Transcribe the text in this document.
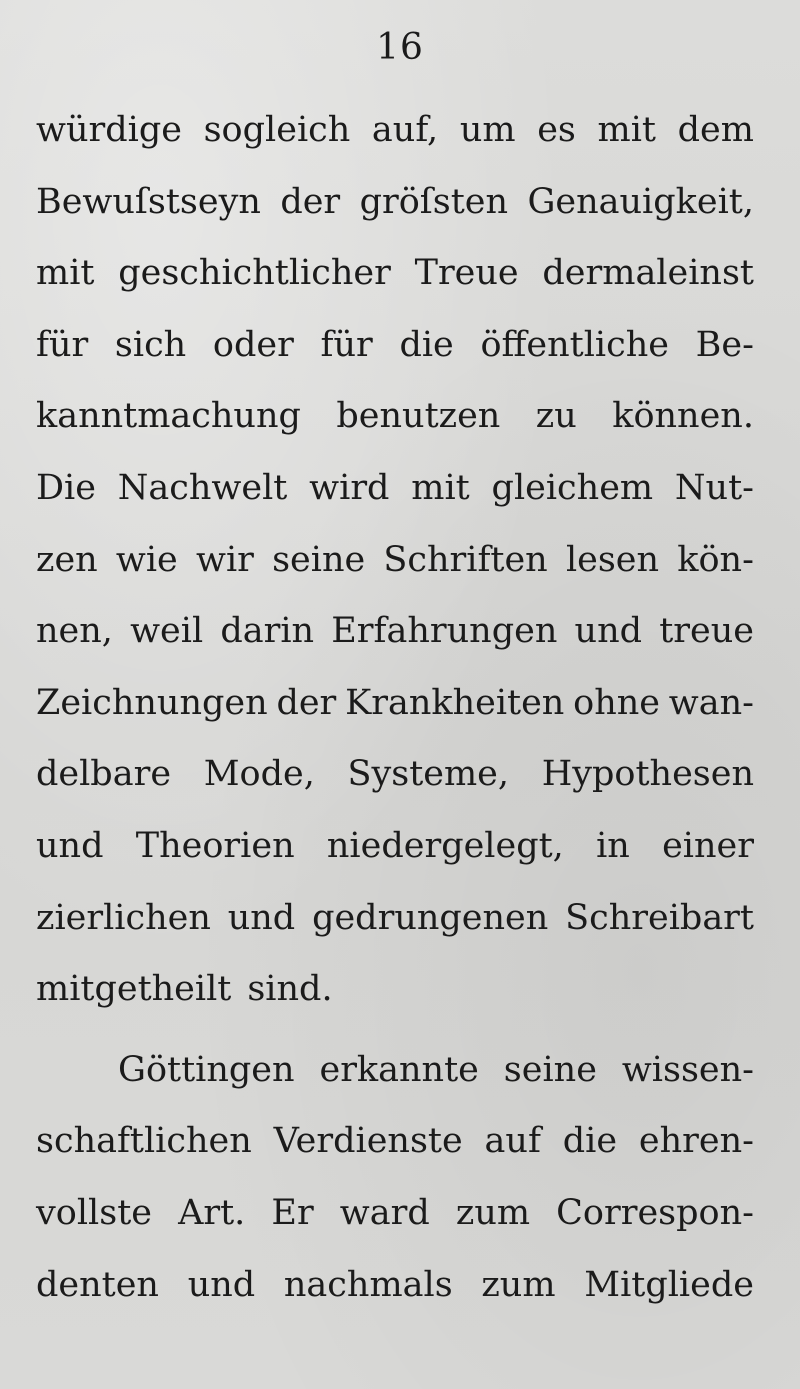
16
würdige sogleich auf, um es mit dem
Bewuſstseyn der gröſsten Genauigkeit,
mit geschichtlicher Treue dermaleinst
für sich oder für die öffentliche Be-
kanntmachung benutzen zu können.
Die Nachwelt wird mit gleichem Nut-
zen wie wir seine Schriften lesen kön-
nen, weil darin Erfahrungen und treue
Zeichnungen der Krankheiten ohne wan-
delbare Mode, Systeme, Hypothesen
und Theorien niedergelegt, in einer
zierlichen und gedrungenen Schreibart
mitgetheilt sind.
Göttingen erkannte seine wissen-
schaftlichen Verdienste auf die ehren-
vollste Art. Er ward zum Correspon-
denten und nachmals zum Mitgliede
